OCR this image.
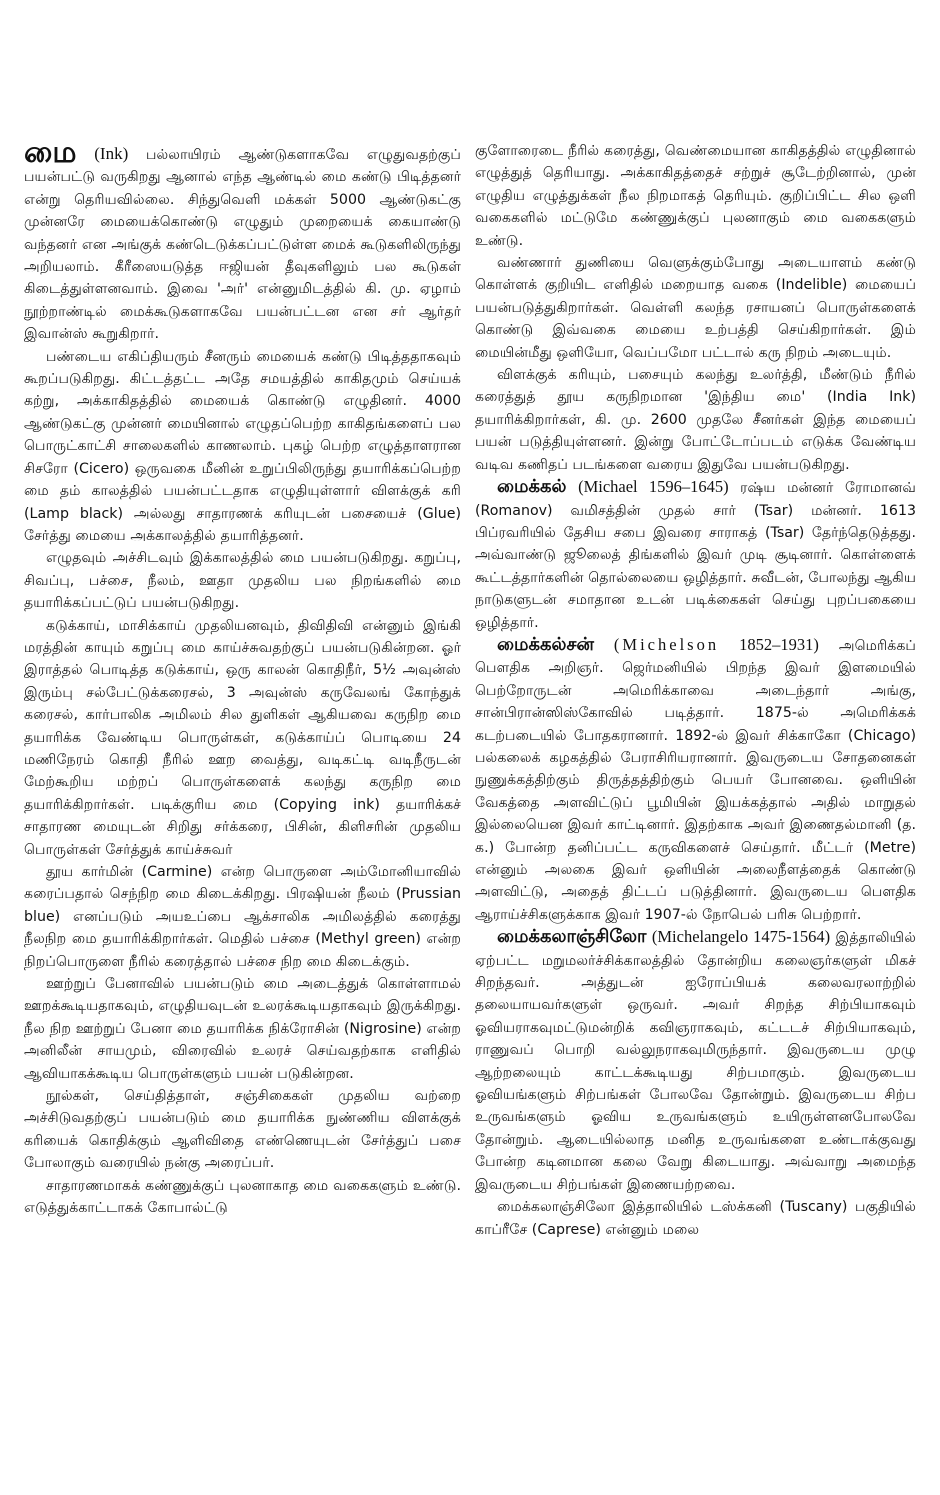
மை (Ink) பல்லாயிரம் ஆண்டுகளாகவே எழுதுவதற்குப் பயன்பட்டு வருகிறது ஆனால் எந்த ஆண்டில் மை கண்டு பிடித்தனர் என்று தெரியவில்லை. சிந்துவெளி மக்கள் 5000 ஆண்டுகட்கு முன்னரே மையைக்கொண்டு எழுதும் முறையைக் கையாண்டு வந்தனர் என அங்குக் கண்டெடுக்கப்பட்டுள்ள மைக் கூடுகளிலிருந்து அறியலாம். கீரீஸையடுத்த ஈஜியன் தீவுகளிலும் பல கூடுகள் கிடைத்துள்ளனவாம். இவை 'அர்' என்னுமிடத்தில் கி. மு. ஏழாம் நூற்றாண்டில் மைக்கூடுகளாகவே பயன்பட்டன என சர் ஆர்தர் இவான்ஸ் கூறுகிறார்.

பண்டைய எகிப்தியரும் சீனரும் மையைக் கண்டு பிடித்ததாகவும் கூறப்படுகிறது. கிட்டத்தட்ட அதே சமயத்தில் காகிதமும் செய்யக் கற்று, அக்காகிதத்தில் மையைக் கொண்டு எழுதினர். 4000 ஆண்டுகட்கு முன்னர் மையினால் எழுதப்பெற்ற காகிதங்களைப் பல பொருட்காட்சி சாலைகளில் காணலாம். புகழ் பெற்ற எழுத்தாளரான சிசரோ (Cicero) ஒருவகை மீனின் உறுப்பிலிருந்து தயாரிக்கப்பெற்ற மை தம் காலத்தில் பயன்பட்டதாக எழுதியுள்ளார் விளக்குக் கரி (Lamp black) அல்லது சாதாரணக் கரியுடன் பசையைச் (Glue) சேர்த்து மையை அக்காலத்தில் தயாரித்தனர்.

எழுதவும் அச்சிடவும் இக்காலத்தில் மை பயன்படுகிறது. கறுப்பு, சிவப்பு, பச்சை, நீலம், ஊதா முதலிய பல நிறங்களில் மை தயாரிக்கப்பட்டுப் பயன்படுகிறது.

கடுக்காய், மாசிக்காய் முதலியனவும், திவிதிவி என்னும் இங்கி மரத்தின் காயும் கறுப்பு மை காய்ச்சுவதற்குப் பயன்படுகின்றன. ஓர் இராத்தல் பொடித்த கடுக்காய், ஒரு காலன் கொதிநீர், 5½ அவுன்ஸ் இரும்பு சல்பேட்டுக்கரைசல், 3 அவுன்ஸ் கருவேலங் கோந்துக் கரைசல், கார்பாலிக அமிலம் சில துளிகள் ஆகியவை கருநிற மை தயாரிக்க வேண்டிய பொருள்கள், கடுக்காய்ப் பொடியை 24 மணிநேரம் கொதி நீரில் ஊற வைத்து, வடிகட்டி வடிநீருடன் மேற்கூறிய மற்றப் பொருள்களைக் கலந்து கருநிற மை தயாரிக்கிறார்கள். படிக்குரிய மை (Copying ink) தயாரிக்கச் சாதாரண மையுடன் சிறிது சர்க்கரை, பிசின், கிளிசரின் முதலிய பொருள்கள் சேர்த்துக் காய்ச்சுவர்

தூய கார்மின் (Carmine) என்ற பொருளை அம்மோனியாவில் கரைப்பதால் செந்நிற மை கிடைக்கிறது. பிரஷியன் நீலம் (Prussian blue) எனப்படும் அயஉப்பை ஆக்சாலிக அமிலத்தில் கரைத்து நீலநிற மை தயாரிக்கிறார்கள். மெதில் பச்சை (Methyl green) என்ற நிறப்பொருளை நீரில் கரைத்தால் பச்சை நிற மை கிடைக்கும்.

ஊற்றுப் பேனாவில் பயன்படும் மை அடைத்துக் கொள்ளாமல் ஊறக்கூடியதாகவும், எழுதியவுடன் உலரக்கூடியதாகவும் இருக்கிறது. நீல நிற ஊற்றுப் பேனா மை தயாரிக்க நிக்ரோசின் (Nigrosine) என்ற அனிலீன் சாயமும், விரைவில் உலரச் செய்வதற்காக எளிதில் ஆவியாகக்கூடிய பொருள்களும் பயன் படுகின்றன.

நூல்கள், செய்தித்தாள், சஞ்சிகைகள் முதலிய வற்றை அச்சிடுவதற்குப் பயன்படும் மை தயாரிக்க நுண்ணிய விளக்குக் கரியைக் கொதிக்கும் ஆளிவிதை எண்ணெயுடன் சேர்த்துப் பசை போலாகும் வரையில் நன்கு அரைப்பர்.

சாதாரணமாகக் கண்ணுக்குப் புலனாகாத மை வகைகளும் உண்டு. எடுத்துக்காட்டாகக் கோபால்ட்டு

குளோரைடை நீரில் கரைத்து, வெண்மையான காகிதத்தில் எழுதினால் எழுத்துத் தெரியாது. அக்காகிதத்தைச் சற்றுச் சூடேற்றினால், முன் எழுதிய எழுத்துக்கள் நீல நிறமாகத் தெரியும். குறிப்பிட்ட சில ஒளி வகைகளில் மட்டுமே கண்ணுக்குப் புலனாகும் மை வகைகளும் உண்டு.

வண்ணார் துணியை வெளுக்கும்போது அடையாளம் கண்டு கொள்ளக் குறியிட எளிதில் மறையாத வகை (Indelible) மையைப் பயன்படுத்துகிறார்கள். வெள்ளி கலந்த ரசாயனப் பொருள்களைக் கொண்டு இவ்வகை மையை உற்பத்தி செய்கிறார்கள். இம் மையின்மீது ஒளியோ, வெப்பமோ பட்டால் கரு நிறம் அடையும்.

விளக்குக் கரியும், பசையும் கலந்து உலர்த்தி, மீண்டும் நீரில் கரைத்துத் தூய கருநிறமான 'இந்திய மை' (India Ink) தயாரிக்கிறார்கள், கி. மு. 2600 முதலே சீனர்கள் இந்த மையைப் பயன் படுத்தியுள்ளனர். இன்று போட்டோப்படம் எடுக்க வேண்டிய வடிவ கணிதப் படங்களை வரைய இதுவே பயன்படுகிறது.

மைக்கல் (Michael 1596–1645) ரஷ்ய மன்னர் ரோமானவ் (Romanov) வமிசத்தின் முதல் சார் (Tsar) மன்னர். 1613 பிப்ரவரியில் தேசிய சபை இவரை சாராகத் (Tsar) தேர்ந்தெடுத்தது. அவ்வாண்டு ஜூலைத் திங்களில் இவர் முடி சூடினார். கொள்ளைக் கூட்டத்தார்களின் தொல்லையை ஒழித்தார். சுவீடன், போலந்து ஆகிய நாடுகளுடன் சமாதான உடன் படிக்கைகள் செய்து புறப்பகையை ஒழித்தார்.

மைக்கல்சன் (Michelson 1852–1931) அமெரிக்கப் பௌதிக அறிஞர். ஜெர்மனியில் பிறந்த இவர் இளமையில் பெற்றோருடன் அமெரிக்காவை அடைந்தார் அங்கு, சான்பிரான்ஸிஸ்கோவில் படித்தார். 1875-ல் அமெரிக்கக் கடற்படையில் போதகரானார். 1892-ல் இவர் சிக்காகோ (Chicago) பல்கலைக் கழகத்தில் பேராசிரியரானார். இவருடைய சோதனைகள் நுணுக்கத்திற்கும் திருத்தத்திற்கும் பெயர் போனவை. ஒளியின் வேகத்தை அளவிட்டுப் பூமியின் இயக்கத்தால் அதில் மாறுதல் இல்லையென இவர் காட்டினார். இதற்காக அவர் இணைதல்மானி (த. க.) போன்ற தனிப்பட்ட கருவிகளைச் செய்தார். மீட்டர் (Metre) என்னும் அலகை இவர் ஒளியின் அலைநீளத்தைக் கொண்டு அளவிட்டு, அதைத் திட்டப் படுத்தினார். இவருடைய பௌதிக ஆராய்ச்சிகளுக்காக இவர் 1907-ல் நோபெல் பரிசு பெற்றார்.

மைக்கலாஞ்சிலோ (Michelangelo 1475-1564) இத்தாலியில் ஏற்பட்ட மறுமலர்ச்சிக்காலத்தில் தோன்றிய கலைஞர்களுள் மிகச் சிறந்தவர். அத்துடன் ஐரோப்பியக் கலைவரலாற்றில் தலையாயவர்களுள் ஒருவர். அவர் சிறந்த சிற்பியாகவும் ஓவியராகவுமட்டுமன்றிக் கவிஞராகவும், கட்டடச் சிற்பியாகவும், ராணுவப் பொறி வல்லுநராகவுமிருந்தார். இவருடைய முழு ஆற்றலையும் காட்டக்கூடியது சிற்பமாகும். இவருடைய ஓவியங்களும் சிற்பங்கள் போலவே தோன்றும். இவருடைய சிற்ப உருவங்களும் ஓவிய உருவங்களும் உயிருள்ளனபோலவே தோன்றும். ஆடையில்லாத மனித உருவங்களை உண்டாக்குவது போன்ற கடினமான கலை வேறு கிடையாது. அவ்வாறு அமைந்த இவருடைய சிற்பங்கள் இணையற்றவை.

மைக்கலாஞ்சிலோ இத்தாலியில் டஸ்க்கனி (Tuscany) பகுதியில் காப்ரீசே (Caprese) என்னும் மலை
